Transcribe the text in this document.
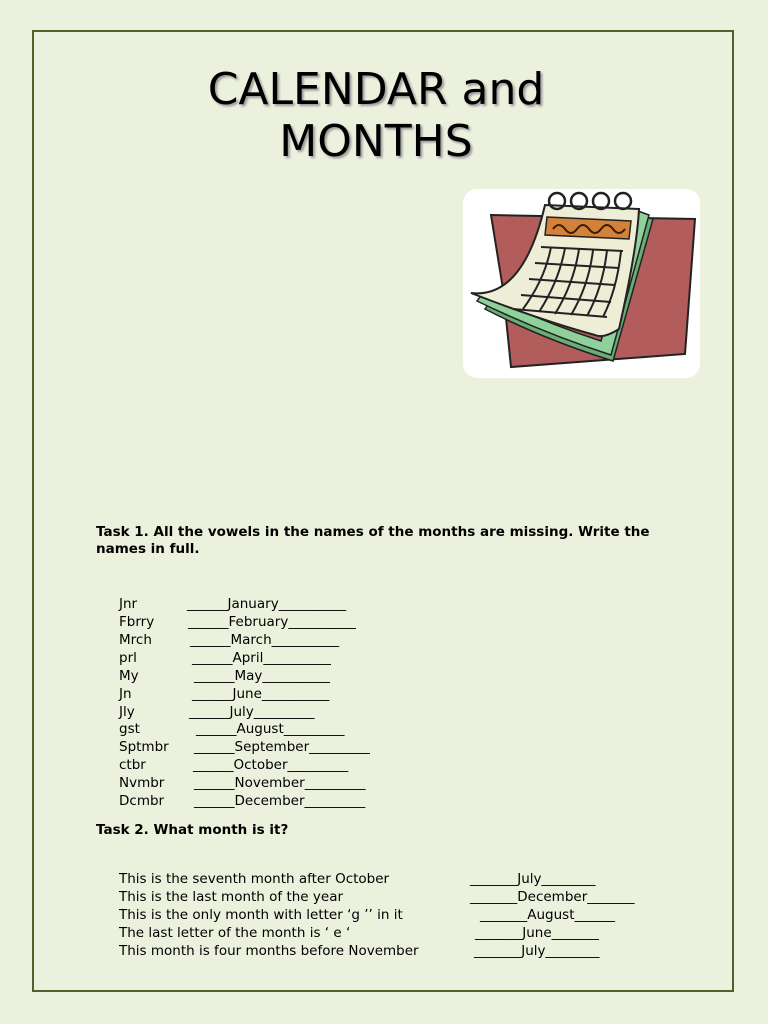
CALENDAR and
MONTHS

Task 1. All the vowels in the names of the months are missing. Write the names in full.

Jnr	______January__________
Fbrry	______February__________
Mrch	______March__________
prl	______April__________
My	______May__________
Jn	______June__________
Jly	______July_________
gst	______August_________
Sptmbr ______September_________
ctbr	______October_________
Nvmbr ______November_________
Dcmbr ______December_________

Task 2. What month is it?

This is the seventh month after October	_______July________
This is the last month of the year	_______December_______
This is the only month with letter ‘g ’’ in it	_______August______
The last letter of the month is ‘ e ‘	_______June_______
This month is four months before November	_______July________
